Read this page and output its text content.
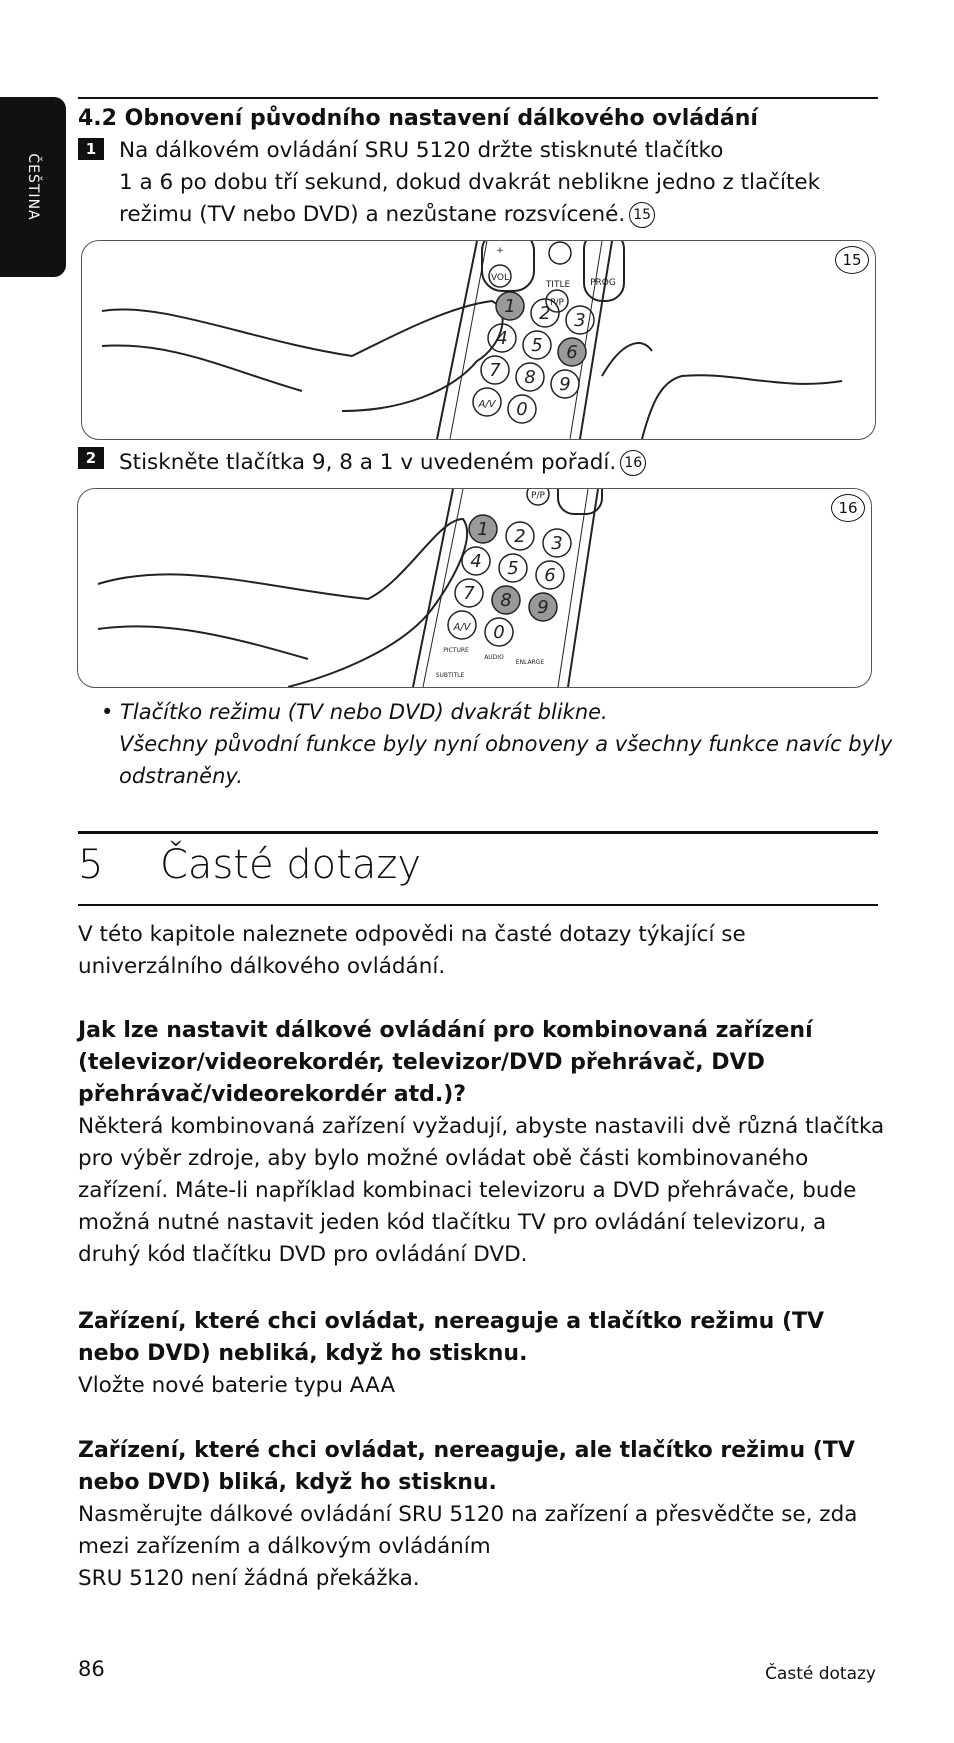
ČEŠTINA
4.2 Obnovení původního nastavení dálkového ovládání
1	Na dálkovém ovládání SRU 5120 držte stisknuté tlačítko
1 a 6 po dobu tří sekund, dokud dvakrát neblikne jedno z tlačítek
režimu (TV nebo DVD) a nezůstane rozsvícené. 15
+
VOL
TITLE
P/P
PROG
1 2 3
4 5 6
7 8 9
A/V 0
15
2	Stiskněte tlačítka 9, 8 a 1 v uvedeném pořadí. 16
P/P
1 2 3
4 5 6
7 8 9
A/V 0
PICTURE
AUDIO
ENLARGE
SUBTITLE
16
• Tlačítko režimu (TV nebo DVD) dvakrát blikne.
Všechny původní funkce byly nyní obnoveny a všechny funkce navíc byly
odstraněny.
5 Časté dotazy
V této kapitole naleznete odpovědi na časté dotazy týkající se
univerzálního dálkového ovládání.
Jak lze nastavit dálkové ovládání pro kombinovaná zařízení
(televizor/videorekordér, televizor/DVD přehrávač, DVD
přehrávač/videorekordér atd.)?
Některá kombinovaná zařízení vyžadují, abyste nastavili dvě různá tlačítka
pro výběr zdroje, aby bylo možné ovládat obě části kombinovaného
zařízení. Máte-li například kombinaci televizoru a DVD přehrávače, bude
možná nutné nastavit jeden kód tlačítku TV pro ovládání televizoru, a
druhý kód tlačítku DVD pro ovládání DVD.
Zařízení, které chci ovládat, nereaguje a tlačítko režimu (TV
nebo DVD) nebliká, když ho stisknu.
Vložte nové baterie typu AAA
Zařízení, které chci ovládat, nereaguje, ale tlačítko režimu (TV
nebo DVD) bliká, když ho stisknu.
Nasměrujte dálkové ovládání SRU 5120 na zařízení a přesvědčte se, zda
mezi zařízením a dálkovým ovládáním
SRU 5120 není žádná překážka.
86	Časté dotazy
